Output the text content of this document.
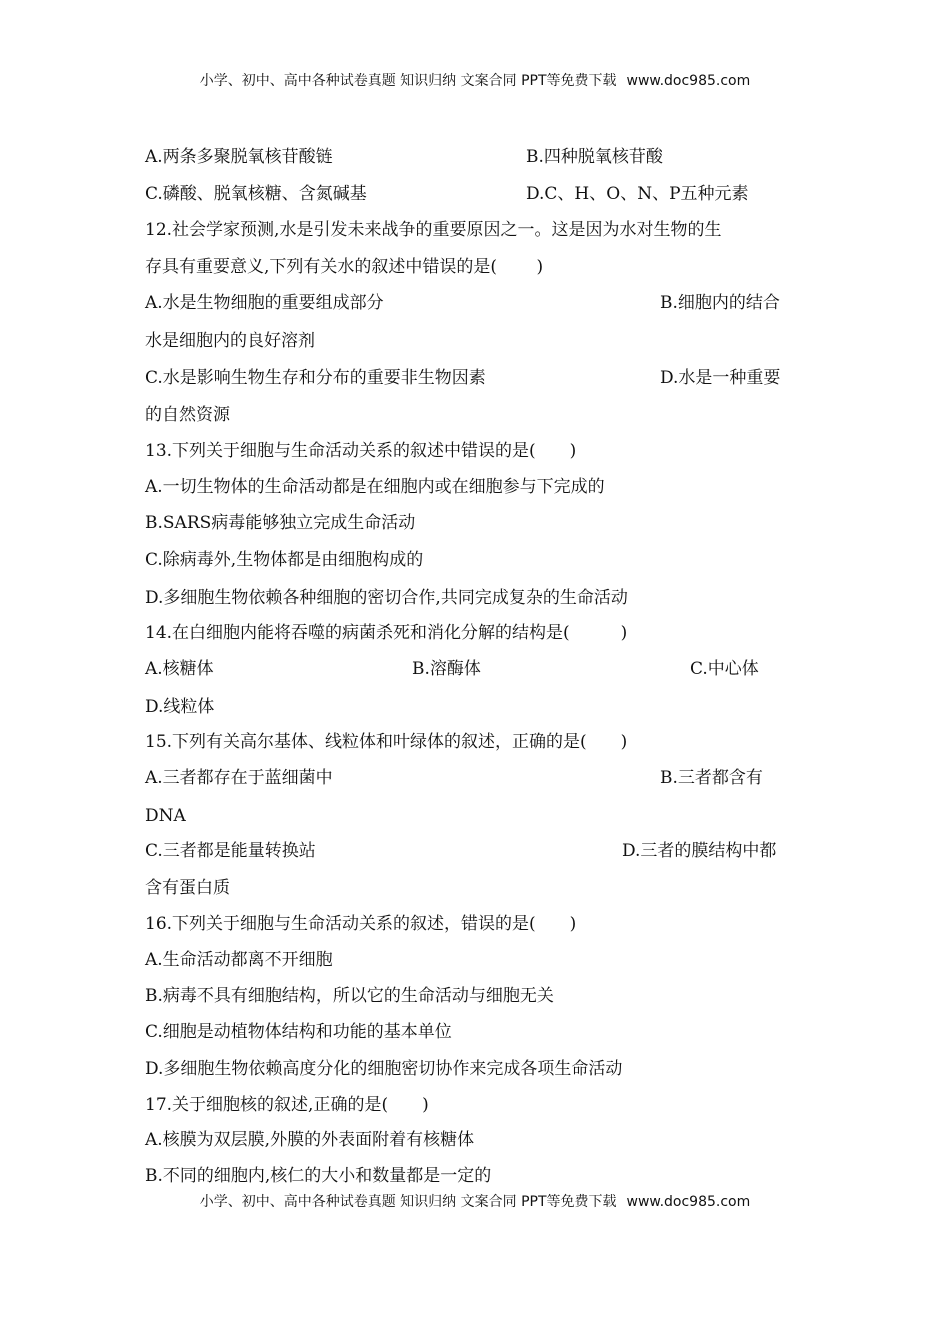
小学、初中、高中各种试卷真题 知识归纳 文案合同 PPT等免费下载 www.doc985.com
A.两条多聚脱氧核苷酸链	B.四种脱氧核苷酸
C.磷酸、脱氧核糖、含氮碱基	D.C、H、O、N、P五种元素
12.社会学家预测,水是引发未来战争的重要原因之一。这是因为水对生物的生
存具有重要意义,下列有关水的叙述中错误的是(　　 )
A.水是生物细胞的重要组成部分	B.细胞内的结合
水是细胞内的良好溶剂
C.水是影响生物生存和分布的重要非生物因素	D.水是一种重要
的自然资源
13.下列关于细胞与生命活动关系的叙述中错误的是(　　)
A.一切生物体的生命活动都是在细胞内或在细胞参与下完成的
B.SARS病毒能够独立完成生命活动
C.除病毒外,生物体都是由细胞构成的
D.多细胞生物依赖各种细胞的密切合作,共同完成复杂的生命活动
14.在白细胞内能将吞噬的病菌杀死和消化分解的结构是(　　　)
A.核糖体	B.溶酶体	C.中心体
D.线粒体
15.下列有关高尔基体、线粒体和叶绿体的叙述，正确的是(　　)
A.三者都存在于蓝细菌中	B.三者都含有
DNA
C.三者都是能量转换站	D.三者的膜结构中都
含有蛋白质
16.下列关于细胞与生命活动关系的叙述，错误的是(　　)
A.生命活动都离不开细胞
B.病毒不具有细胞结构，所以它的生命活动与细胞无关
C.细胞是动植物体结构和功能的基本单位
D.多细胞生物依赖高度分化的细胞密切协作来完成各项生命活动
17.关于细胞核的叙述,正确的是(　　)
A.核膜为双层膜,外膜的外表面附着有核糖体
B.不同的细胞内,核仁的大小和数量都是一定的
小学、初中、高中各种试卷真题 知识归纳 文案合同 PPT等免费下载 www.doc985.com
